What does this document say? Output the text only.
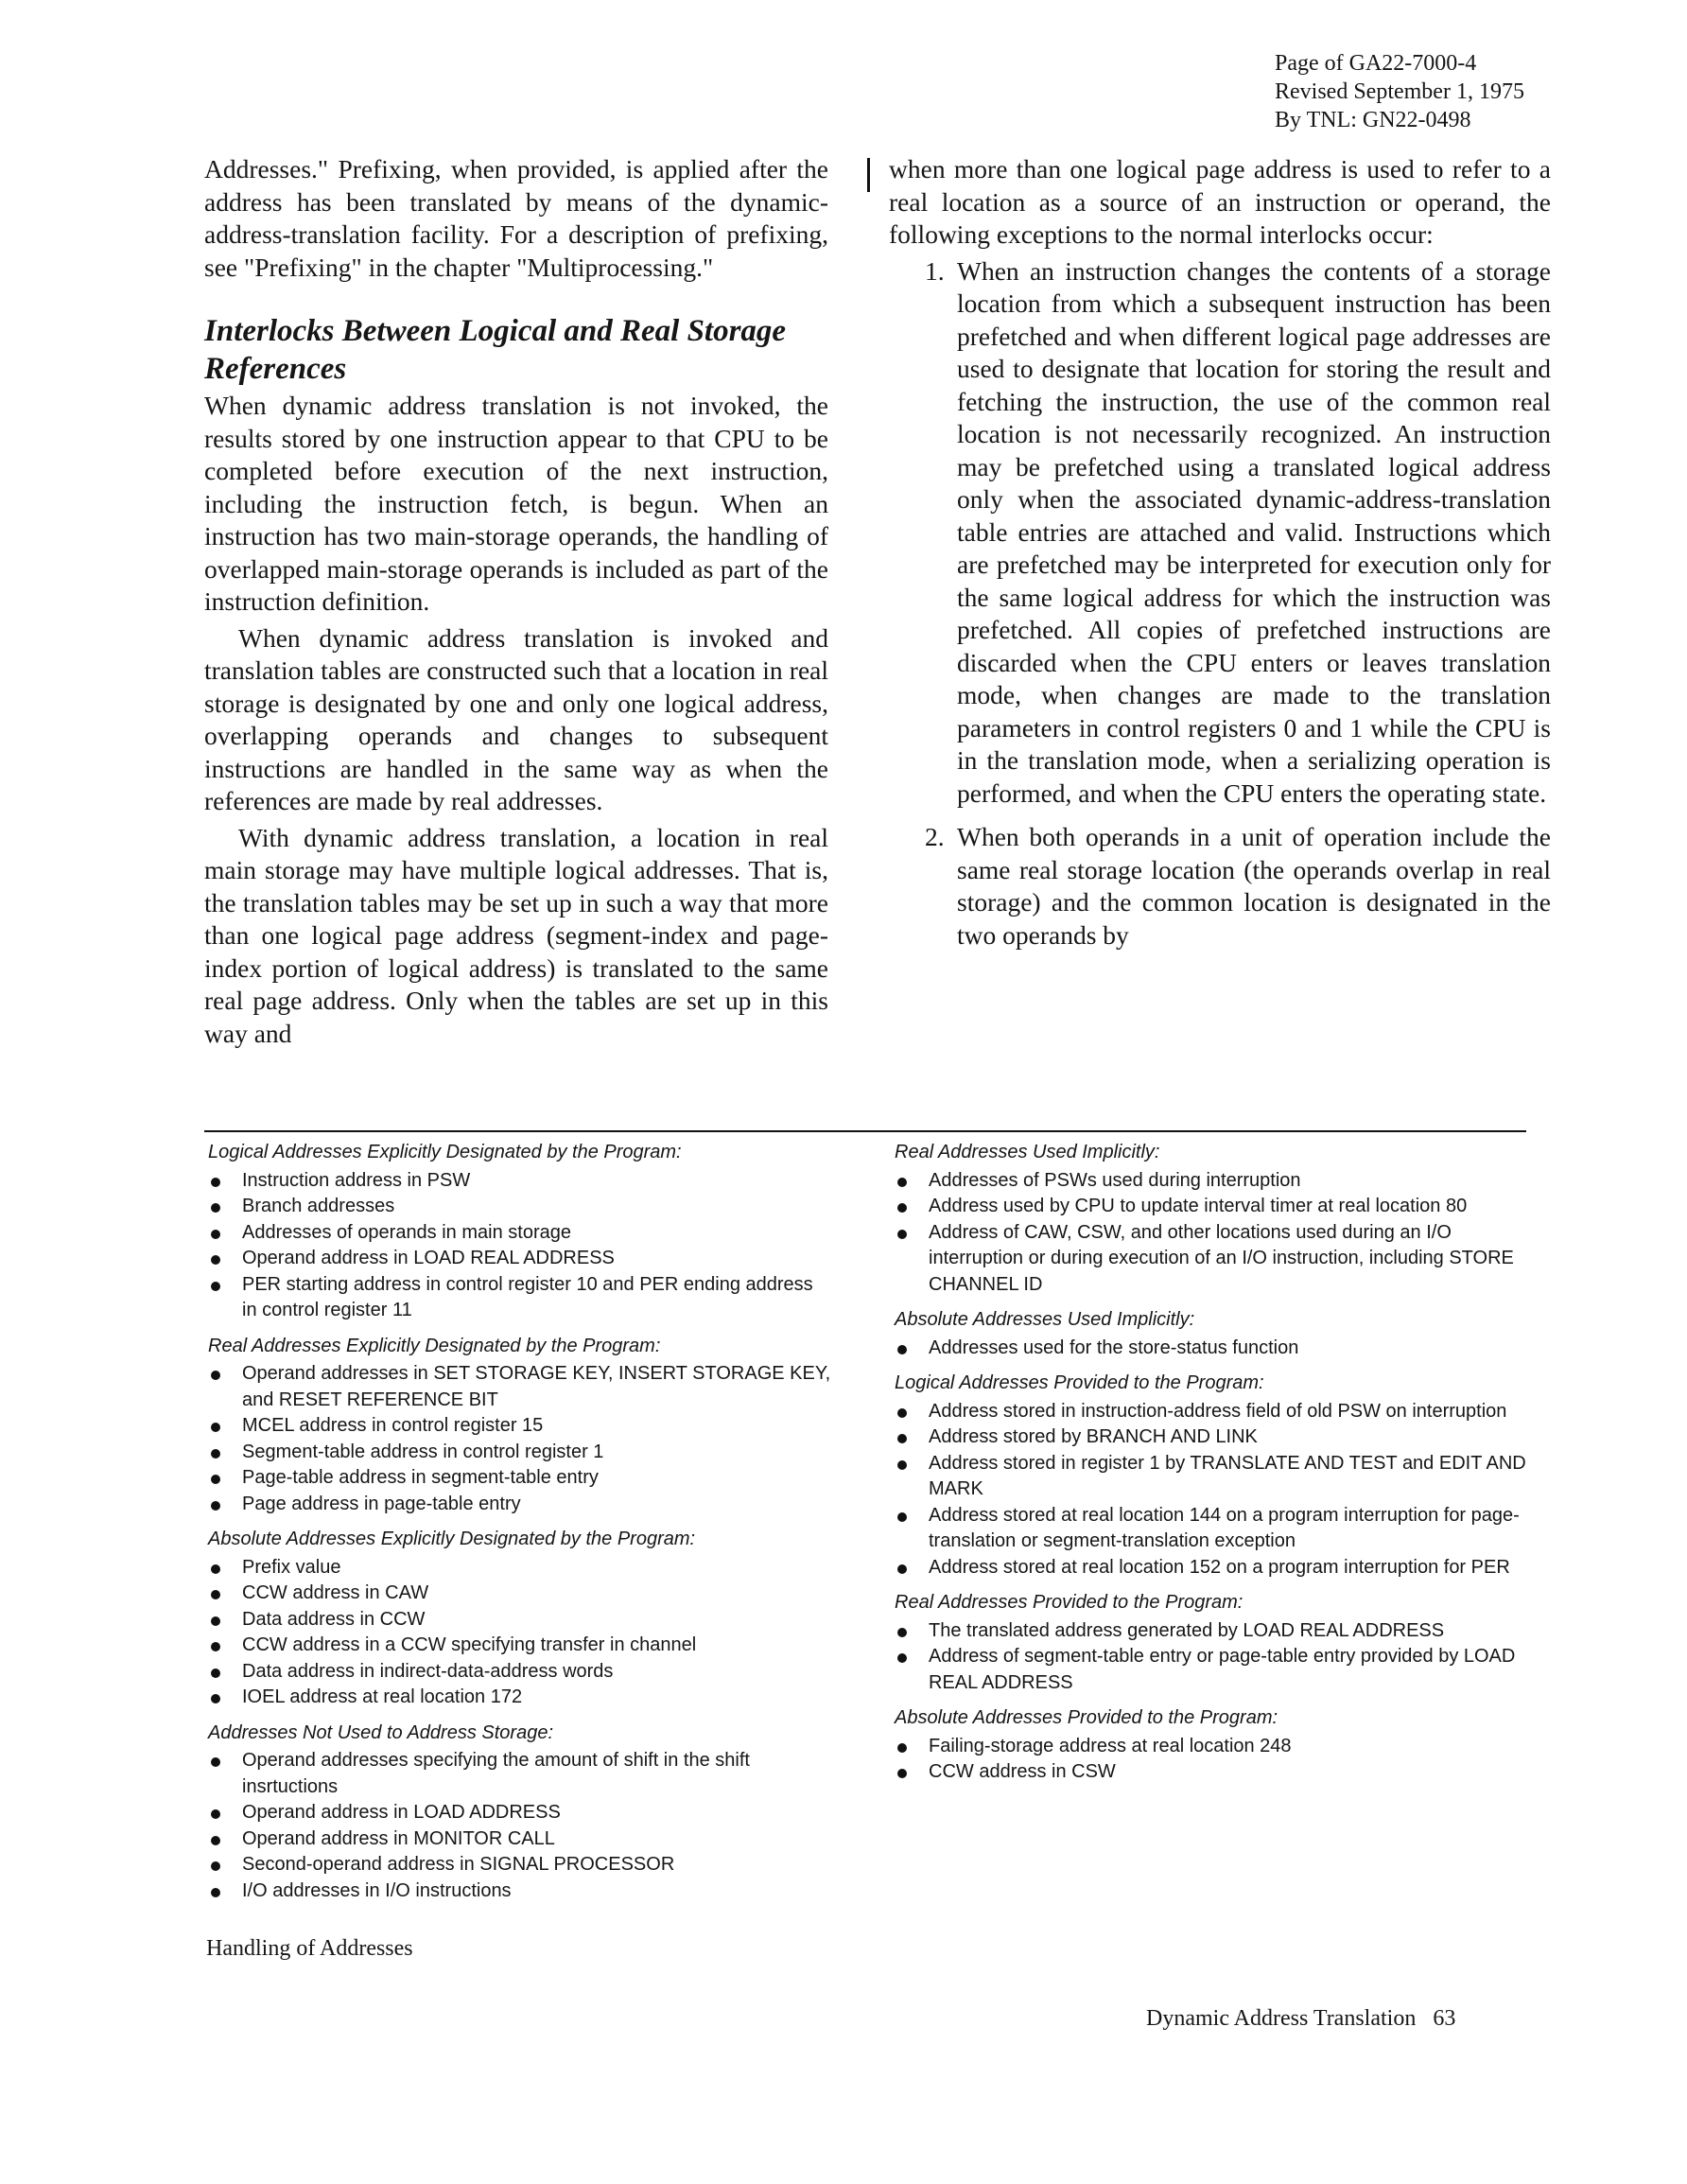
Page of GA22-7000-4
Revised September 1, 1975
By TNL: GN22-0498

Addresses." Prefixing, when provided, is applied after the address has been translated by means of the dynamic-address-translation facility. For a description of prefixing, see "Prefixing" in the chapter "Multiprocessing."

Interlocks Between Logical and Real Storage References

When dynamic address translation is not invoked, the results stored by one instruction appear to that CPU to be completed before execution of the next instruction, including the instruction fetch, is begun. When an instruction has two main-storage operands, the handling of overlapped main-storage operands is included as part of the instruction definition.

When dynamic address translation is invoked and translation tables are constructed such that a location in real storage is designated by one and only one logical address, overlapping operands and changes to subsequent instructions are handled in the same way as when the references are made by real addresses.

With dynamic address translation, a location in real main storage may have multiple logical addresses. That is, the translation tables may be set up in such a way that more than one logical page address (segment-index and page-index portion of logical address) is translated to the same real page address. Only when the tables are set up in this way and

when more than one logical page address is used to refer to a real location as a source of an instruction or operand, the following exceptions to the normal interlocks occur:

1. When an instruction changes the contents of a storage location from which a subsequent instruction has been prefetched and when different logical page addresses are used to designate that location for storing the result and fetching the instruction, the use of the common real location is not necessarily recognized. An instruction may be prefetched using a translated logical address only when the associated dynamic-address-translation table entries are attached and valid. Instructions which are prefetched may be interpreted for execution only for the same logical address for which the instruction was prefetched. All copies of prefetched instructions are discarded when the CPU enters or leaves translation mode, when changes are made to the translation parameters in control registers 0 and 1 while the CPU is in the translation mode, when a serializing operation is performed, and when the CPU enters the operating state.
2. When both operands in a unit of operation include the same real storage location (the operands overlap in real storage) and the common location is designated in the two operands by
Logical Addresses Explicitly Designated by the Program:
Instruction address in PSW
Branch addresses
Addresses of operands in main storage
Operand address in LOAD REAL ADDRESS
PER starting address in control register 10 and PER ending address in control register 11
Real Addresses Explicitly Designated by the Program:
Operand addresses in SET STORAGE KEY, INSERT STORAGE KEY, and RESET REFERENCE BIT
MCEL address in control register 15
Segment-table address in control register 1
Page-table address in segment-table entry
Page address in page-table entry
Absolute Addresses Explicitly Designated by the Program:
Prefix value
CCW address in CAW
Data address in CCW
CCW address in a CCW specifying transfer in channel
Data address in indirect-data-address words
IOEL address at real location 172
Addresses Not Used to Address Storage:
Operand addresses specifying the amount of shift in the shift insrtuctions
Operand address in LOAD ADDRESS
Operand address in MONITOR CALL
Second-operand address in SIGNAL PROCESSOR
I/O addresses in I/O instructions
Real Addresses Used Implicitly:
Addresses of PSWs used during interruption
Address used by CPU to update interval timer at real location 80
Address of CAW, CSW, and other locations used during an I/O interruption or during execution of an I/O instruction, including STORE CHANNEL ID
Absolute Addresses Used Implicitly:
Addresses used for the store-status function
Logical Addresses Provided to the Program:
Address stored in instruction-address field of old PSW on interruption
Address stored by BRANCH AND LINK
Address stored in register 1 by TRANSLATE AND TEST and EDIT AND MARK
Address stored at real location 144 on a program interruption for page-translation or segment-translation exception
Address stored at real location 152 on a program interruption for PER
Real Addresses Provided to the Program:
The translated address generated by LOAD REAL ADDRESS
Address of segment-table entry or page-table entry provided by LOAD REAL ADDRESS
Absolute Addresses Provided to the Program:
Failing-storage address at real location 248
CCW address in CSW
Handling of Addresses
Dynamic Address Translation 63
